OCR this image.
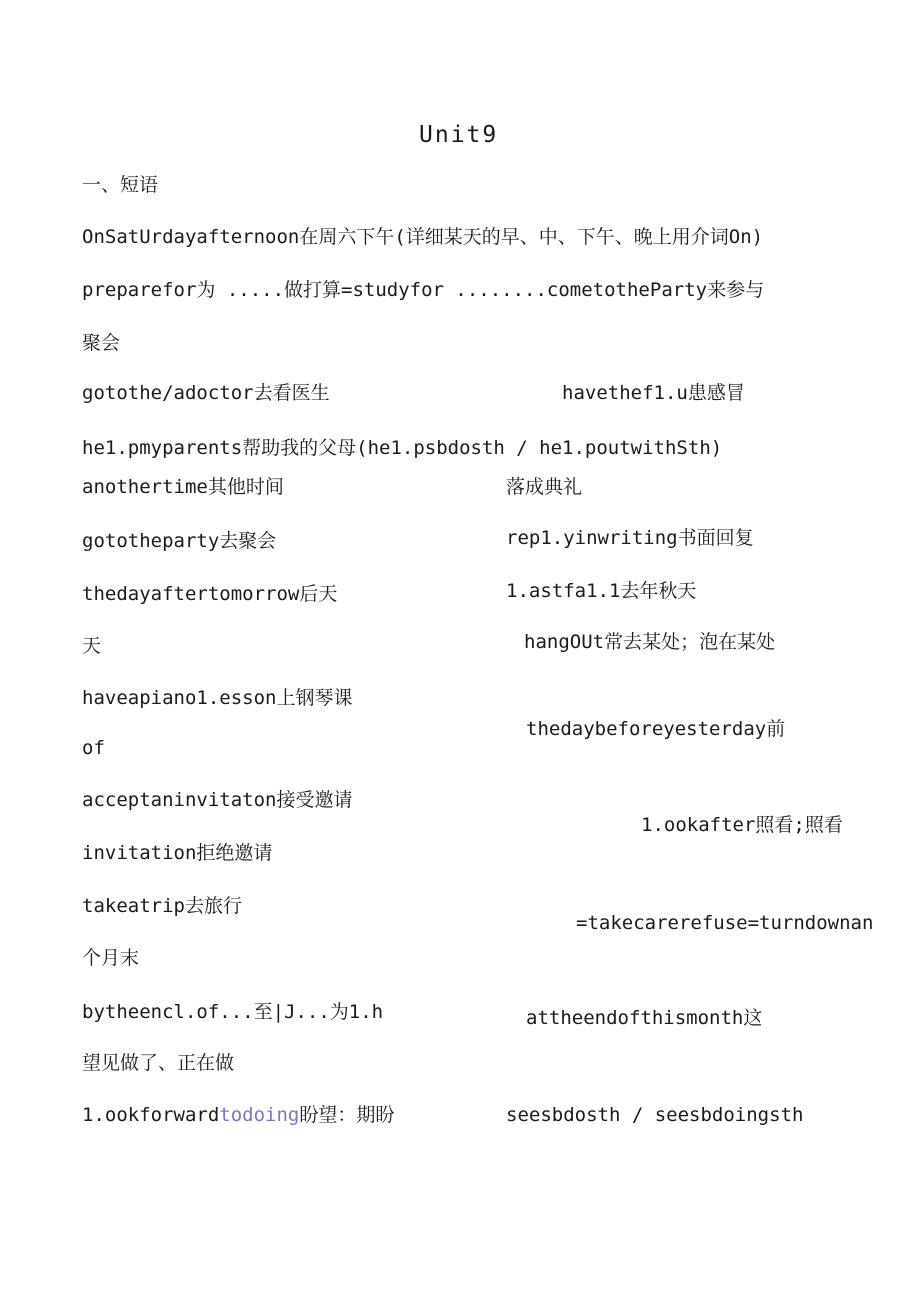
Unit9
一、短语
OnSatUrdayafternoon在周六下午(详细某天的早、中、下午、晚上用介词On)
preparefor为 .....做打算=studyfor ........cometotheParty来参与
聚会
gotothe/adoctor去看医生	havethef1.u患感冒
he1.pmyparents帮助我的父母(he1.psbdosth / he1.poutwithSth)
anothertime其他时间	落成典礼
gototheparty去聚会	rep1.yinwriting书面回复
thedayaftertomorrow后天	1.astfa1.1去年秋天
天	hangOUt常去某处；泡在某处
haveapiano1.esson上钢琴课
of
thedaybeforeyesterday前
acceptaninvitaton接受邀请
1.ookafter照看;照看
invitation拒绝邀请
takeatrip去旅行
=takecarerefuse=turndownan
个月末
bytheencl.of...至|J...为1.h	attheendofthismonth这
望见做了、正在做
1.ookforwardtodoing盼望：期盼	seesbdosth / seesbdoingsth
